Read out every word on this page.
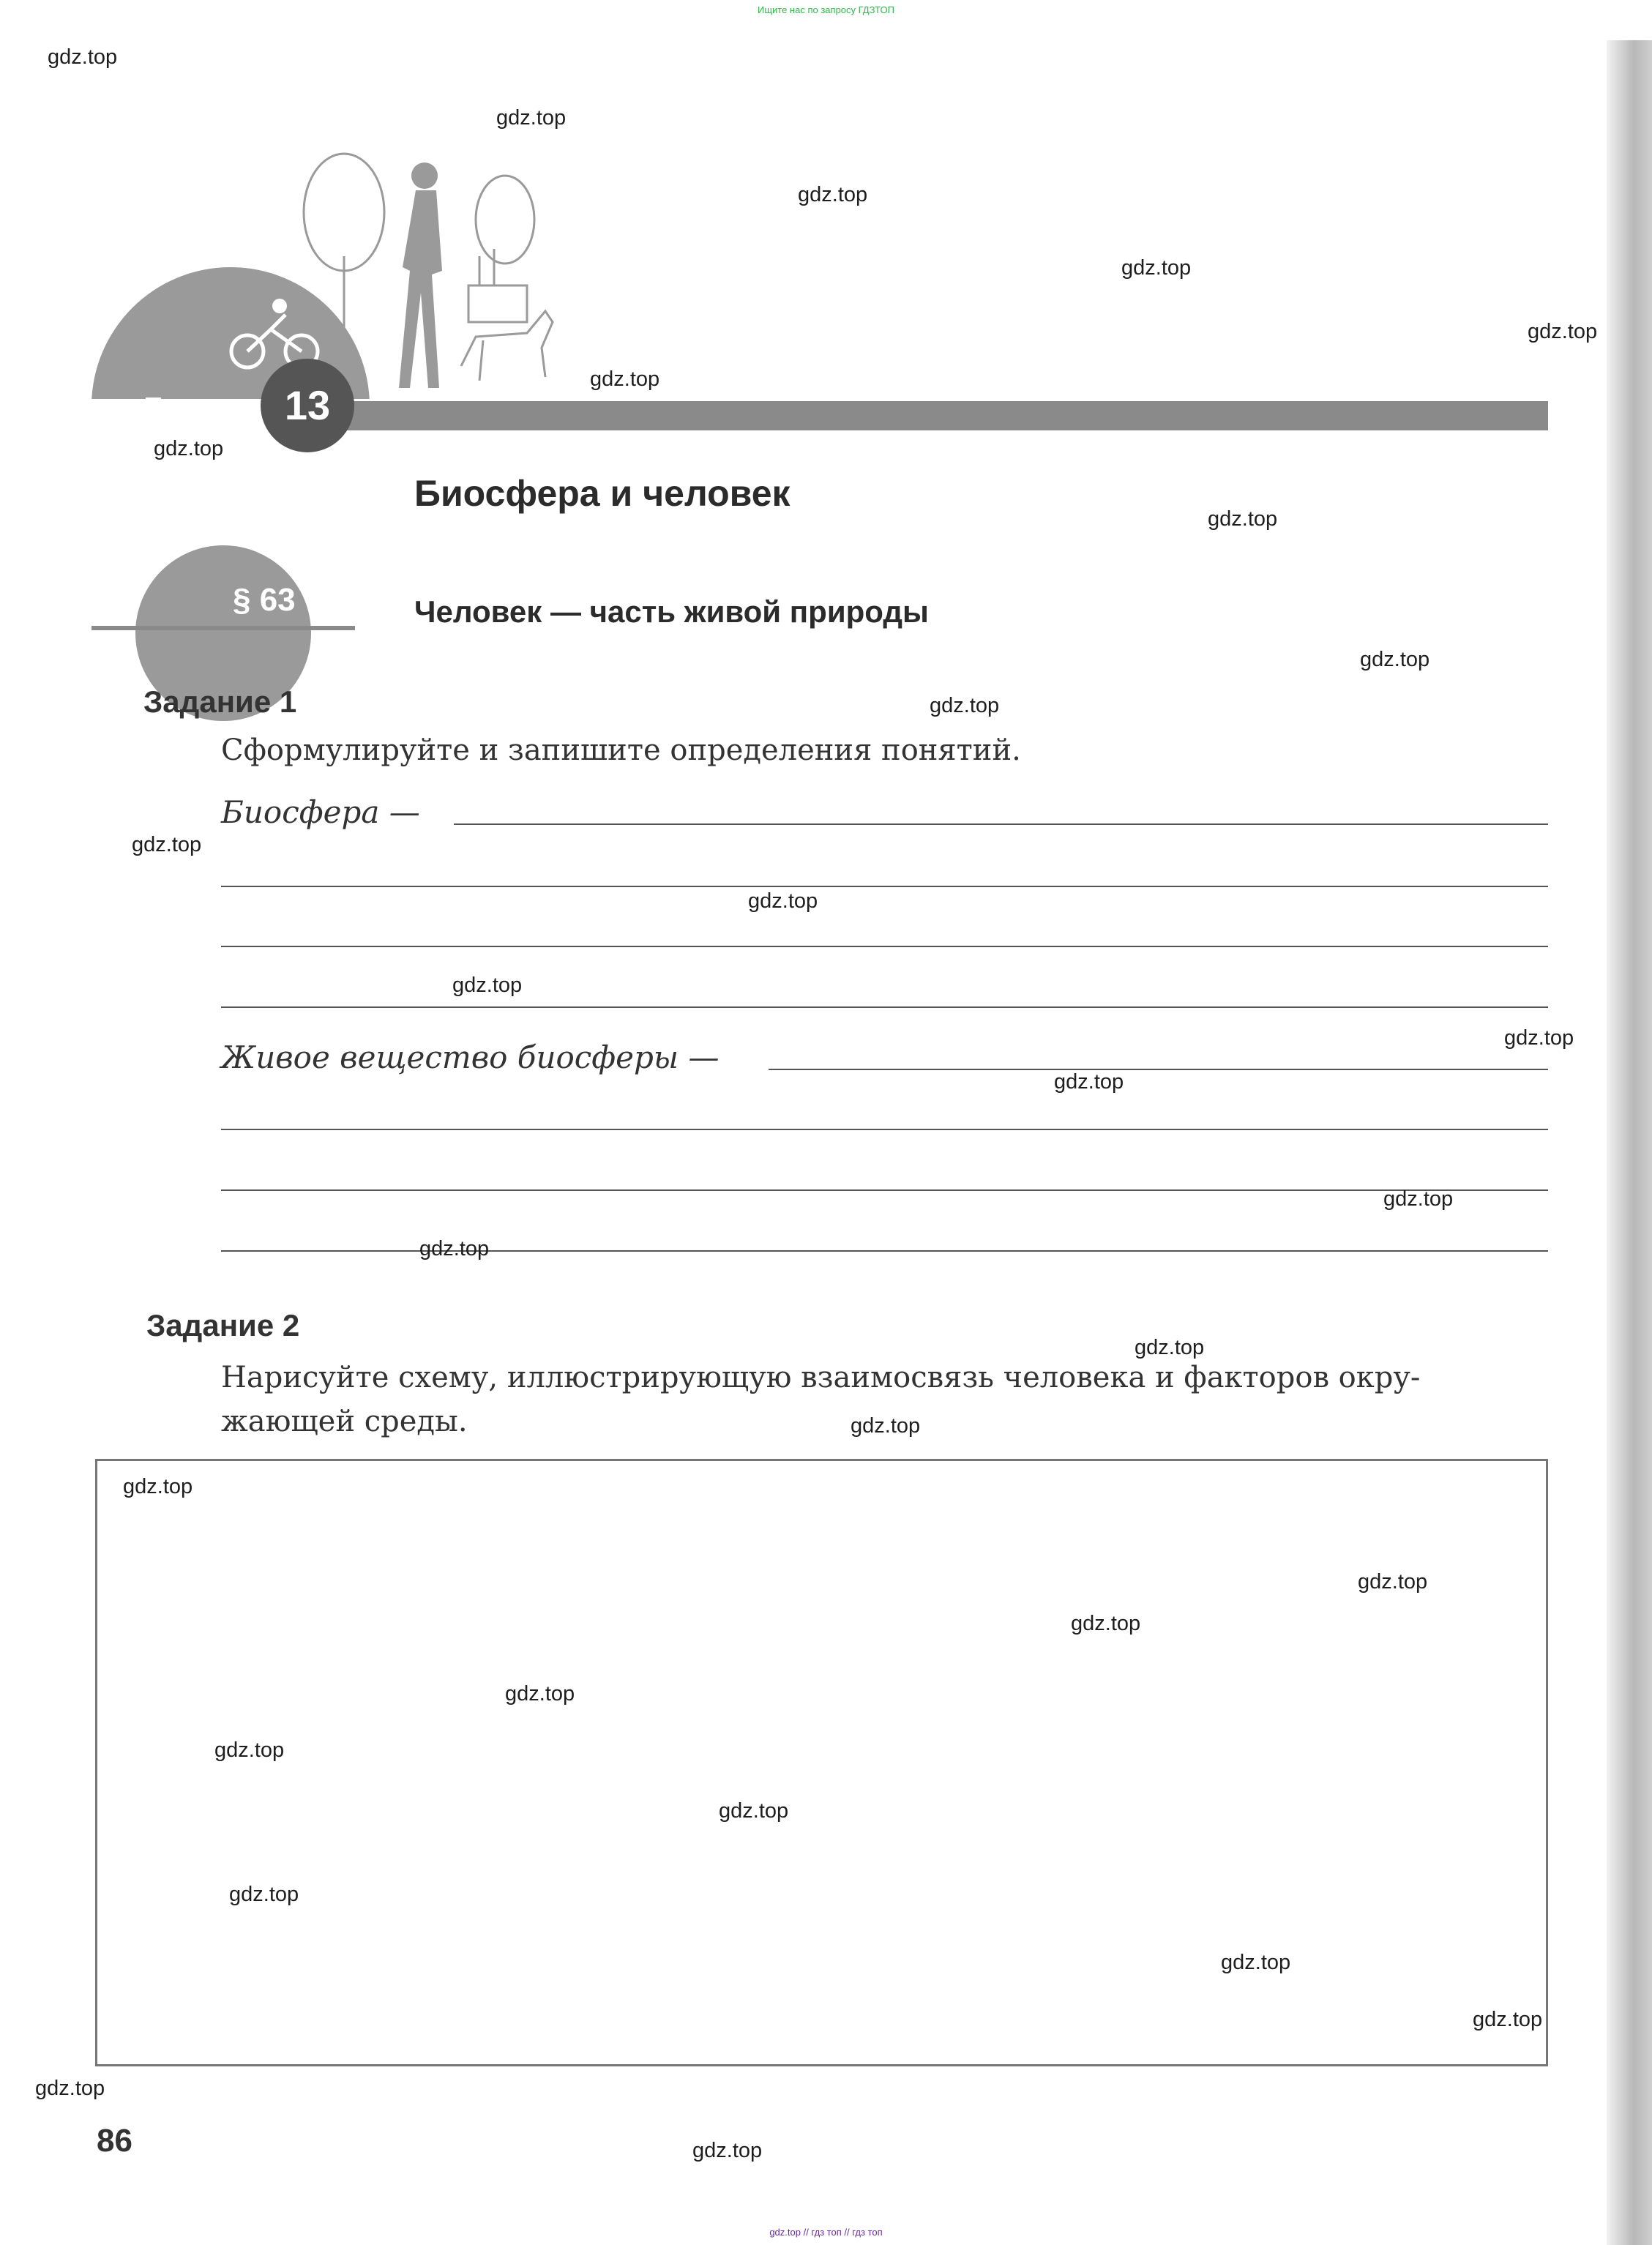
Ищите нас по запросу ГДЗТОП
Глава	13
Биосфера и человек
§ 63	Человек — часть живой природы
Задание 1
Сформулируйте и запишите определения понятий.
Биосфера —
Живое вещество биосферы —
Задание 2
Нарисуйте схему, иллюстрирующую взаимосвязь человека и факторов окру-
жающей среды.
86
gdz.top
gdz.top
gdz.top
gdz.top
gdz.top
gdz.top
gdz.top
gdz.top
gdz.top
gdz.top
gdz.top
gdz.top
gdz.top
gdz.top
gdz.top
gdz.top
gdz.top
gdz.top
gdz.top
gdz.top
gdz.top
gdz.top
gdz.top
gdz.top
gdz.top
gdz.top
gdz.top
gdz.top
gdz.top
gdz.top
gdz.top // гдз топ // гдз топ
